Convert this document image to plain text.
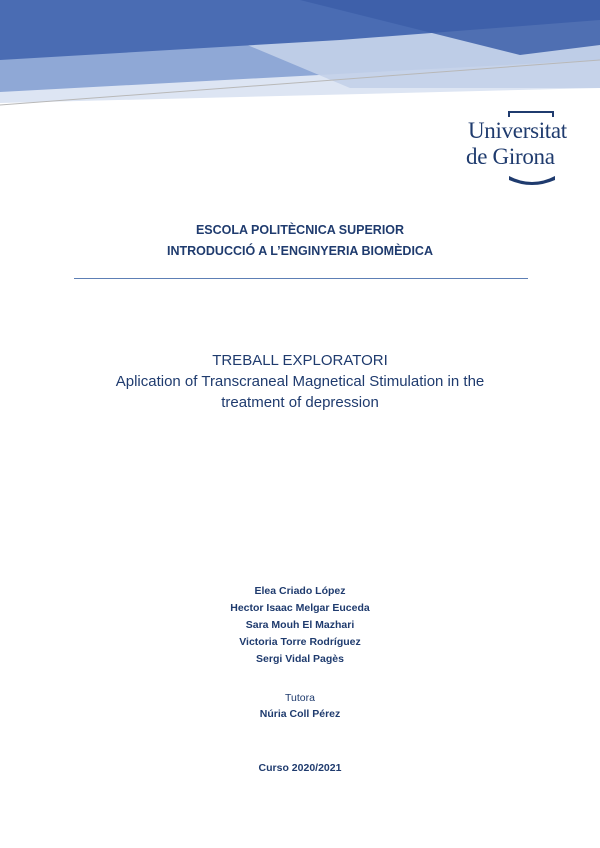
Universitat
de Girona
ESCOLA POLITÈCNICA SUPERIOR
INTRODUCCIÓ A L’ENGINYERIA BIOMÈDICA
TREBALL EXPLORATORI
Aplication of Transcraneal Magnetical Stimulation in the
treatment of depression
Elea Criado López
Hector Isaac Melgar Euceda
Sara Mouh El Mazhari
Victoria Torre Rodríguez
Sergi Vidal Pagès
Tutora
Núria Coll Pérez
Curso 2020/2021
